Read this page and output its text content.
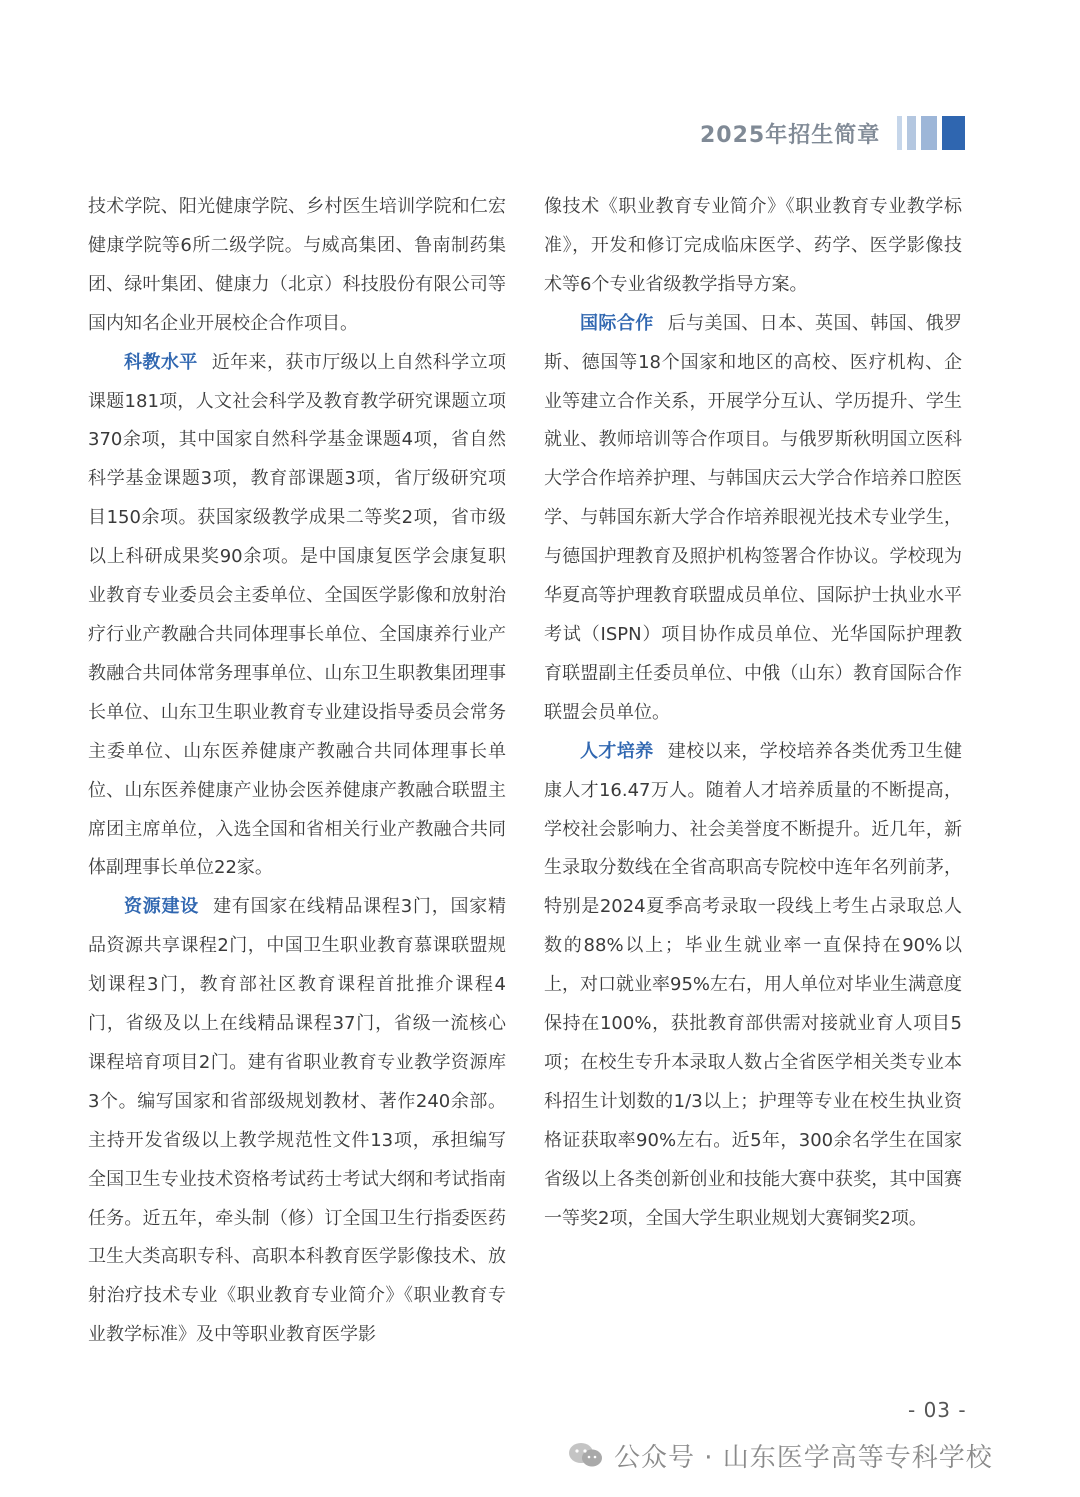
2025年招生简章

技术学院、阳光健康学院、乡村医生培训学院和仁宏健康学院等6所二级学院。与威高集团、鲁南制药集团、绿叶集团、健康力（北京）科技股份有限公司等国内知名企业开展校企合作项目。

科教水平 近年来，获市厅级以上自然科学立项课题181项，人文社会科学及教育教学研究课题立项370余项，其中国家自然科学基金课题4项，省自然科学基金课题3项，教育部课题3项，省厅级研究项目150余项。获国家级教学成果二等奖2项，省市级以上科研成果奖90余项。是中国康复医学会康复职业教育专业委员会主委单位、全国医学影像和放射治疗行业产教融合共同体理事长单位、全国康养行业产教融合共同体常务理事单位、山东卫生职教集团理事长单位、山东卫生职业教育专业建设指导委员会常务主委单位、山东医养健康产教融合共同体理事长单位、山东医养健康产业协会医养健康产教融合联盟主席团主席单位，入选全国和省相关行业产教融合共同体副理事长单位22家。

资源建设 建有国家在线精品课程3门，国家精品资源共享课程2门，中国卫生职业教育慕课联盟规划课程3门，教育部社区教育课程首批推介课程4门，省级及以上在线精品课程37门，省级一流核心课程培育项目2门。建有省职业教育专业教学资源库3个。编写国家和省部级规划教材、著作240余部。主持开发省级以上教学规范性文件13项，承担编写全国卫生专业技术资格考试药士考试大纲和考试指南任务。近五年，牵头制（修）订全国卫生行指委医药卫生大类高职专科、高职本科教育医学影像技术、放射治疗技术专业《职业教育专业简介》《职业教育专业教学标准》及中等职业教育医学影

像技术《职业教育专业简介》《职业教育专业教学标准》，开发和修订完成临床医学、药学、医学影像技术等6个专业省级教学指导方案。

国际合作 后与美国、日本、英国、韩国、俄罗斯、德国等18个国家和地区的高校、医疗机构、企业等建立合作关系，开展学分互认、学历提升、学生就业、教师培训等合作项目。与俄罗斯秋明国立医科大学合作培养护理、与韩国庆云大学合作培养口腔医学、与韩国东新大学合作培养眼视光技术专业学生，与德国护理教育及照护机构签署合作协议。学校现为华夏高等护理教育联盟成员单位、国际护士执业水平考试（ISPN）项目协作成员单位、光华国际护理教育联盟副主任委员单位、中俄（山东）教育国际合作联盟会员单位。

人才培养 建校以来，学校培养各类优秀卫生健康人才16.47万人。随着人才培养质量的不断提高，学校社会影响力、社会美誉度不断提升。近几年，新生录取分数线在全省高职高专院校中连年名列前茅，特别是2024夏季高考录取一段线上考生占录取总人数的88%以上；毕业生就业率一直保持在90%以上，对口就业率95%左右，用人单位对毕业生满意度保持在100%，获批教育部供需对接就业育人项目5项；在校生专升本录取人数占全省医学相关类专业本科招生计划数的1/3以上；护理等专业在校生执业资格证获取率90%左右。近5年，300余名学生在国家省级以上各类创新创业和技能大赛中获奖，其中国赛一等奖2项，全国大学生职业规划大赛铜奖2项。

- 03 -
公众号 · 山东医学高等专科学校
